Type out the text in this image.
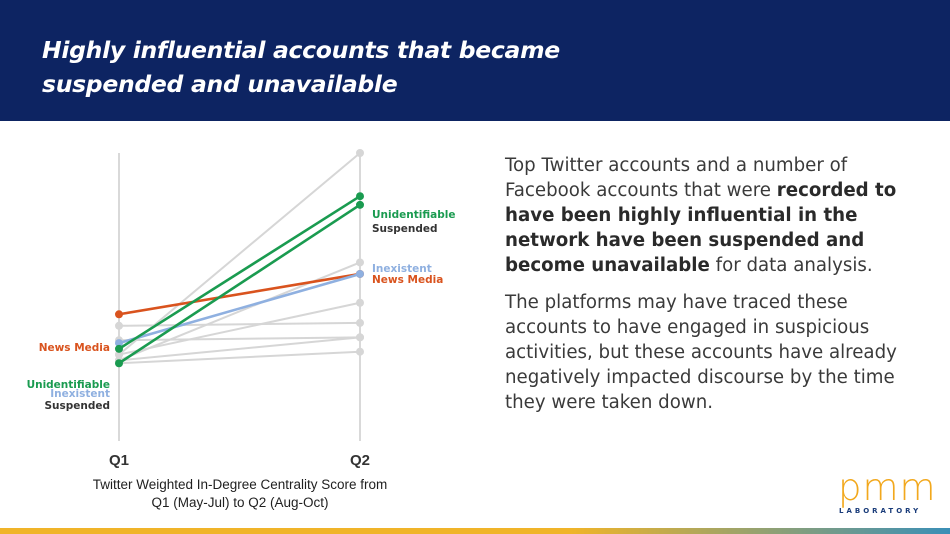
Highly influential accounts that became
suspended and unavailable
Q1	Q2
News Media
Unidentifiable
Inexistent
Suspended
Unidentifiable
Suspended
Inexistent
News Media
Twitter Weighted In-Degree Centrality Score from
Q1 (May-Jul) to Q2 (Aug-Oct)

Top Twitter accounts and a number of Facebook accounts that were recorded to have been highly influential in the network have been suspended and become unavailable for data analysis.

The platforms may have traced these accounts to have engaged in suspicious activities, but these accounts have already negatively impacted discourse by the time they were taken down.

pmm
LABORATORY
